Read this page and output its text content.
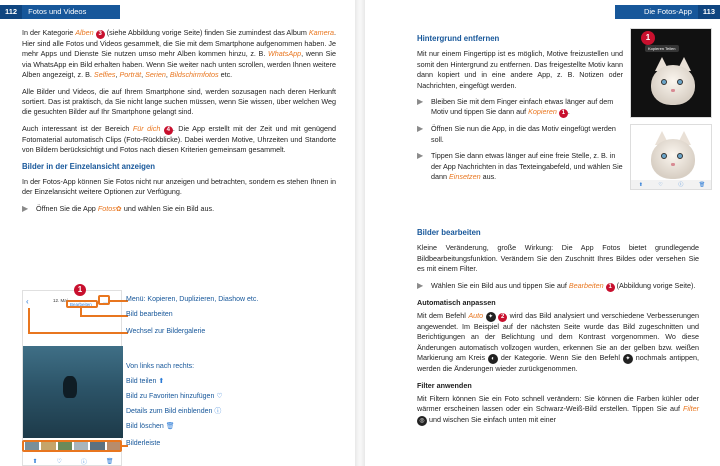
112	Fotos und Videos

In der Kategorie Alben 3 (siehe Abbildung vorige Seite) finden Sie zumindest das Album Kamera. Hier sind alle Fotos und Videos gesammelt, die Sie mit dem Smartphone aufgenommen haben. Je mehr Apps und Dienste Sie nutzen umso mehr Alben kommen hinzu, z. B. WhatsApp, wenn Sie via WhatsApp ein Bild erhalten haben. Wenn Sie weiter nach unten scrollen, werden Ihnen weitere Alben angezeigt, z. B. Selfies, Porträt, Serien, Bildschirmfotos etc.

Alle Bilder und Videos, die auf Ihrem Smartphone sind, werden sozusagen nach deren Herkunft sortiert. Das ist praktisch, da Sie nicht lange suchen müssen, wenn Sie wissen, über welchen Weg die gesuchten Bilder auf Ihr Smartphone gelangt sind.

Auch interessant ist der Bereich Für dich 4 . Die App erstellt mit der Zeit und mit genügend Fotomaterial automatisch Clips (Foto-Rückblicke). Dabei werden Motive, Uhrzeiten und Standorte von Bildern berücksichtigt und Fotos nach diesen Kriterien gemeinsam gesammelt.

Bilder in der Einzelansicht anzeigen

In der Fotos-App können Sie Fotos nicht nur anzeigen und betrachten, sondern es stehen Ihnen in der Einzelansicht weitere Optionen zur Verfügung.

▶	Öffnen Sie die App Fotos✿ und wählen Sie ein Bild aus.
‹	12. Mai
Bearbeiten ⋯
⬆	♡	ⓘ	🗑
1
Menü: Kopieren, Duplizieren, Diashow etc.
Bild bearbeiten
Wechsel zur Bildergalerie
Von links nach rechts:
Bild teilen ⬆
Bild zu Favoriten hinzufügen ♡
Details zum Bild einblenden ⓘ
Bild löschen 🗑
Bilderleiste
Die Fotos-App	113
Hintergrund entfernen

Mit nur einem Fingertipp ist es möglich, Motive freizustellen und somit den Hintergrund zu entfernen. Das freigestellte Motiv kann dann kopiert und in eine andere App, z. B. Notizen oder Nachrichten, eingefügt werden.

▶	Bleiben Sie mit dem Finger einfach etwas länger auf dem Motiv und tippen Sie dann auf Kopieren 1 .
▶	Öffnen Sie nun die App, in die das Motiv eingefügt werden soll.
▶	Tippen Sie dann etwas länger auf eine freie Stelle, z. B. in der App Nachrichten in das Texteingabefeld, und wählen Sie dann Einsetzen aus.
1
Kopieren Teilen
⬆	♡	ⓘ	🗑
Bilder bearbeiten

Kleine Veränderung, große Wirkung: Die App Fotos bietet grundlegende Bildbearbeitungsfunktion. Verändern Sie den Zuschnitt Ihres Bildes oder versehen Sie es mit einem Filter.

▶	Wählen Sie ein Bild aus und tippen Sie auf Bearbeiten 1 (Abbildung vorige Seite).
Automatisch anpassen

Mit dem Befehl Auto ✦ 2 wird das Bild analysiert und verschiedene Verbesserungen angewendet. Im Beispiel auf der nächsten Seite wurde das Bild zugeschnitten und Berichtigungen an der Belichtung und dem Kontrast vorgenommen. Wo diese Änderungen automatisch vollzogen wurden, erkennen Sie an der gelben bzw. weißen Markierung am Kreis ◐ der Kategorie. Wenn Sie den Befehl ✦ nochmals antippen, werden die Änderungen wieder zurückgenommen.

Filter anwenden

Mit Filtern können Sie ein Foto schnell verändern: Sie können die Farben kühler oder wärmer erscheinen lassen oder ein Schwarz-Weiß-Bild erstellen. Tippen Sie auf Filter ◎ und wischen Sie einfach unten mit einer
